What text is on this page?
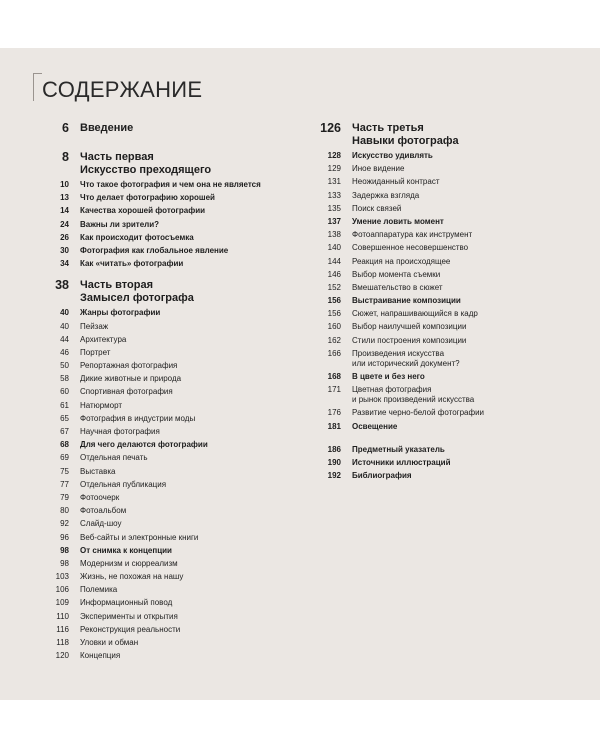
СОДЕРЖАНИЕ
6 Введение
8 Часть первая
Искусство преходящего
10 Что такое фотография и чем она не является
13 Что делает фотографию хорошей
14 Качества хорошей фотографии
24 Важны ли зрители?
26 Как происходит фотосъемка
30 Фотография как глобальное явление
34 Как «читать» фотографии
38 Часть вторая
Замысел фотографа
40 Жанры фотографии
40 Пейзаж
44 Архитектура
46 Портрет
50 Репортажная фотография
58 Дикие животные и природа
60 Спортивная фотография
61 Натюрморт
65 Фотография в индустрии моды
67 Научная фотография
68 Для чего делаются фотографии
69 Отдельная печать
75 Выставка
77 Отдельная публикация
79 Фотоочерк
80 Фотоальбом
92 Слайд-шоу
96 Веб-сайты и электронные книги
98 От снимка к концепции
98 Модернизм и сюрреализм
103 Жизнь, не похожая на нашу
106 Полемика
109 Информационный повод
110 Эксперименты и открытия
116 Реконструкция реальности
118 Уловки и обман
120 Концепция
126 Часть третья
Навыки фотографа
128 Искусство удивлять
129 Иное видение
131 Неожиданный контраст
133 Задержка взгляда
135 Поиск связей
137 Умение ловить момент
138 Фотоаппаратура как инструмент
140 Совершенное несовершенство
144 Реакция на происходящее
146 Выбор момента съемки
152 Вмешательство в сюжет
156 Выстраивание композиции
156 Сюжет, напрашивающийся в кадр
160 Выбор наилучшей композиции
162 Стили построения композиции
166 Произведения искусства
или исторический документ?
168 В цвете и без него
171 Цветная фотография
и рынок произведений искусства
176 Развитие черно-белой фотографии
181 Освещение
186 Предметный указатель
190 Источники иллюстраций
192 Библиография
